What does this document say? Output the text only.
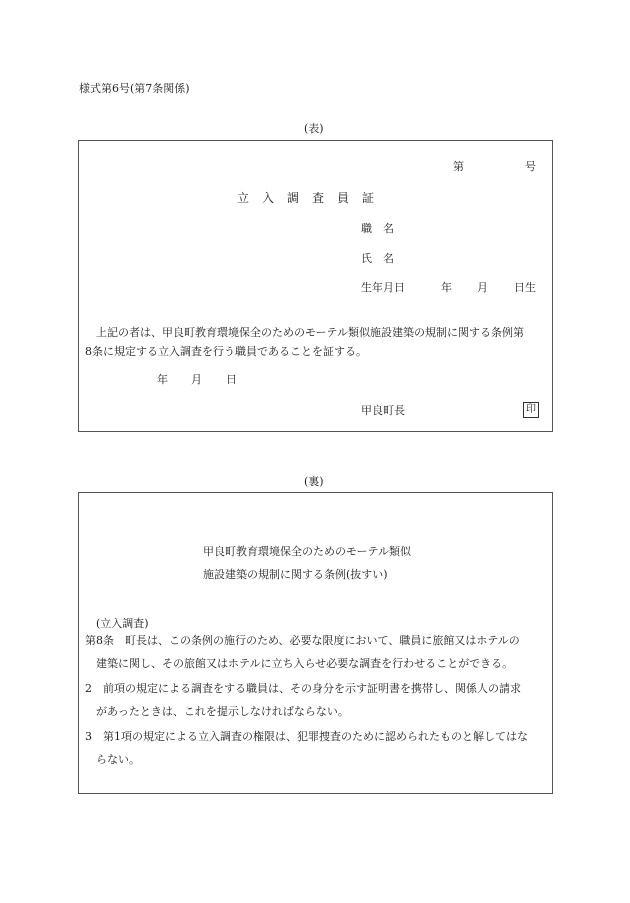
様式第6号(第7条関係)
(表)
第	号
立入調査員証
職　名
氏　名
生年月日	年 月 日生
上記の者は、甲良町教育環境保全のためのモーテル類似施設建築の規制に関する条例第
8条に規定する立入調査を行う職員であることを証する。
年 月 日
甲良町長	印
(裏)
甲良町教育環境保全のためのモーテル類似
施設建築の規制に関する条例(抜すい)
(立入調査)
第8条　町長は、この条例の施行のため、必要な限度において、職員に旅館又はホテルの
建築に関し、その旅館又はホテルに立ち入らせ必要な調査を行わせることができる。
2　前項の規定による調査をする職員は、その身分を示す証明書を携帯し、関係人の請求
があったときは、これを提示しなければならない。
3　第1項の規定による立入調査の権限は、犯罪捜査のために認められたものと解してはな
らない。
